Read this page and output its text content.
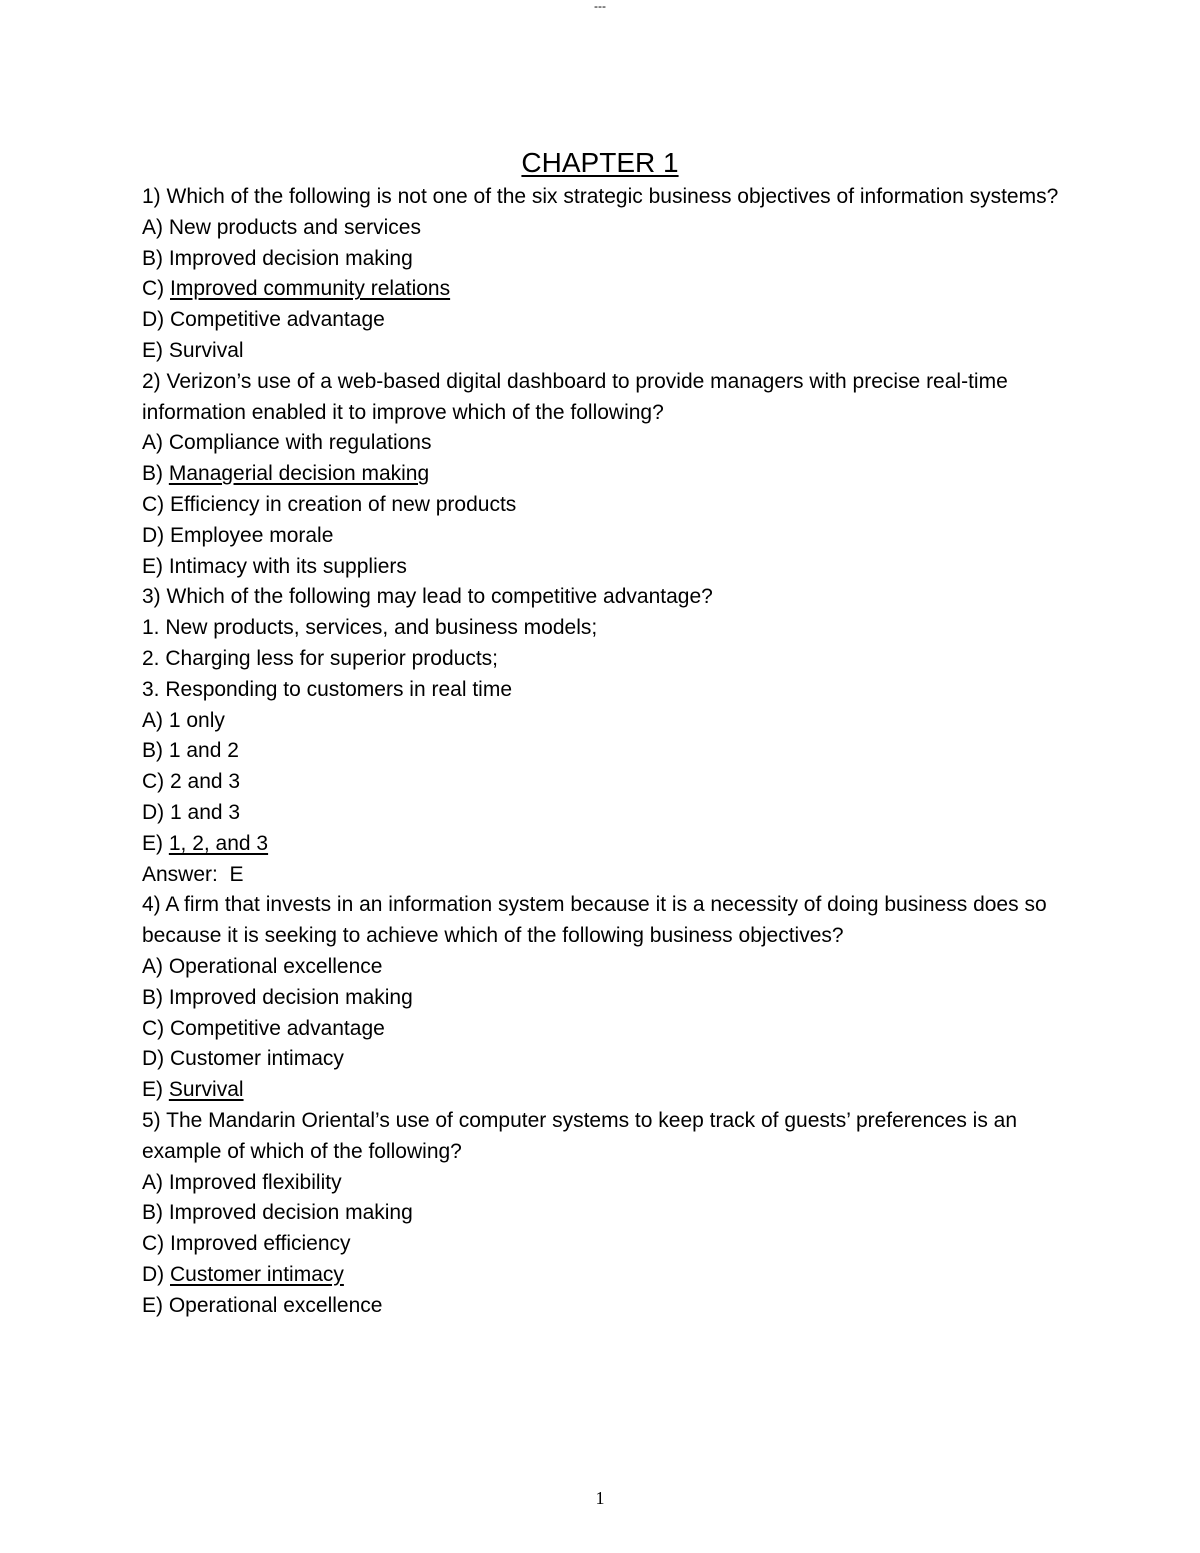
---
CHAPTER 1
1) Which of the following is not one of the six strategic business objectives of information systems?
A) New products and services
B) Improved decision making
C) Improved community relations
D) Competitive advantage
E) Survival
2) Verizon’s use of a web-based digital dashboard to provide managers with precise real-time information enabled it to improve which of the following?
A) Compliance with regulations
B) Managerial decision making
C) Efficiency in creation of new products
D) Employee morale
E) Intimacy with its suppliers
3) Which of the following may lead to competitive advantage?
1. New products, services, and business models;
2. Charging less for superior products;
3. Responding to customers in real time
A) 1 only
B) 1 and 2
C) 2 and 3
D) 1 and 3
E) 1, 2, and 3
Answer:  E
4) A firm that invests in an information system because it is a necessity of doing business does so because it is seeking to achieve which of the following business objectives?
A) Operational excellence
B) Improved decision making
C) Competitive advantage
D) Customer intimacy
E) Survival
5) The Mandarin Oriental’s use of computer systems to keep track of guests’ preferences is an example of which of the following?
A) Improved flexibility
B) Improved decision making
C) Improved efficiency
D) Customer intimacy
E) Operational excellence
1
